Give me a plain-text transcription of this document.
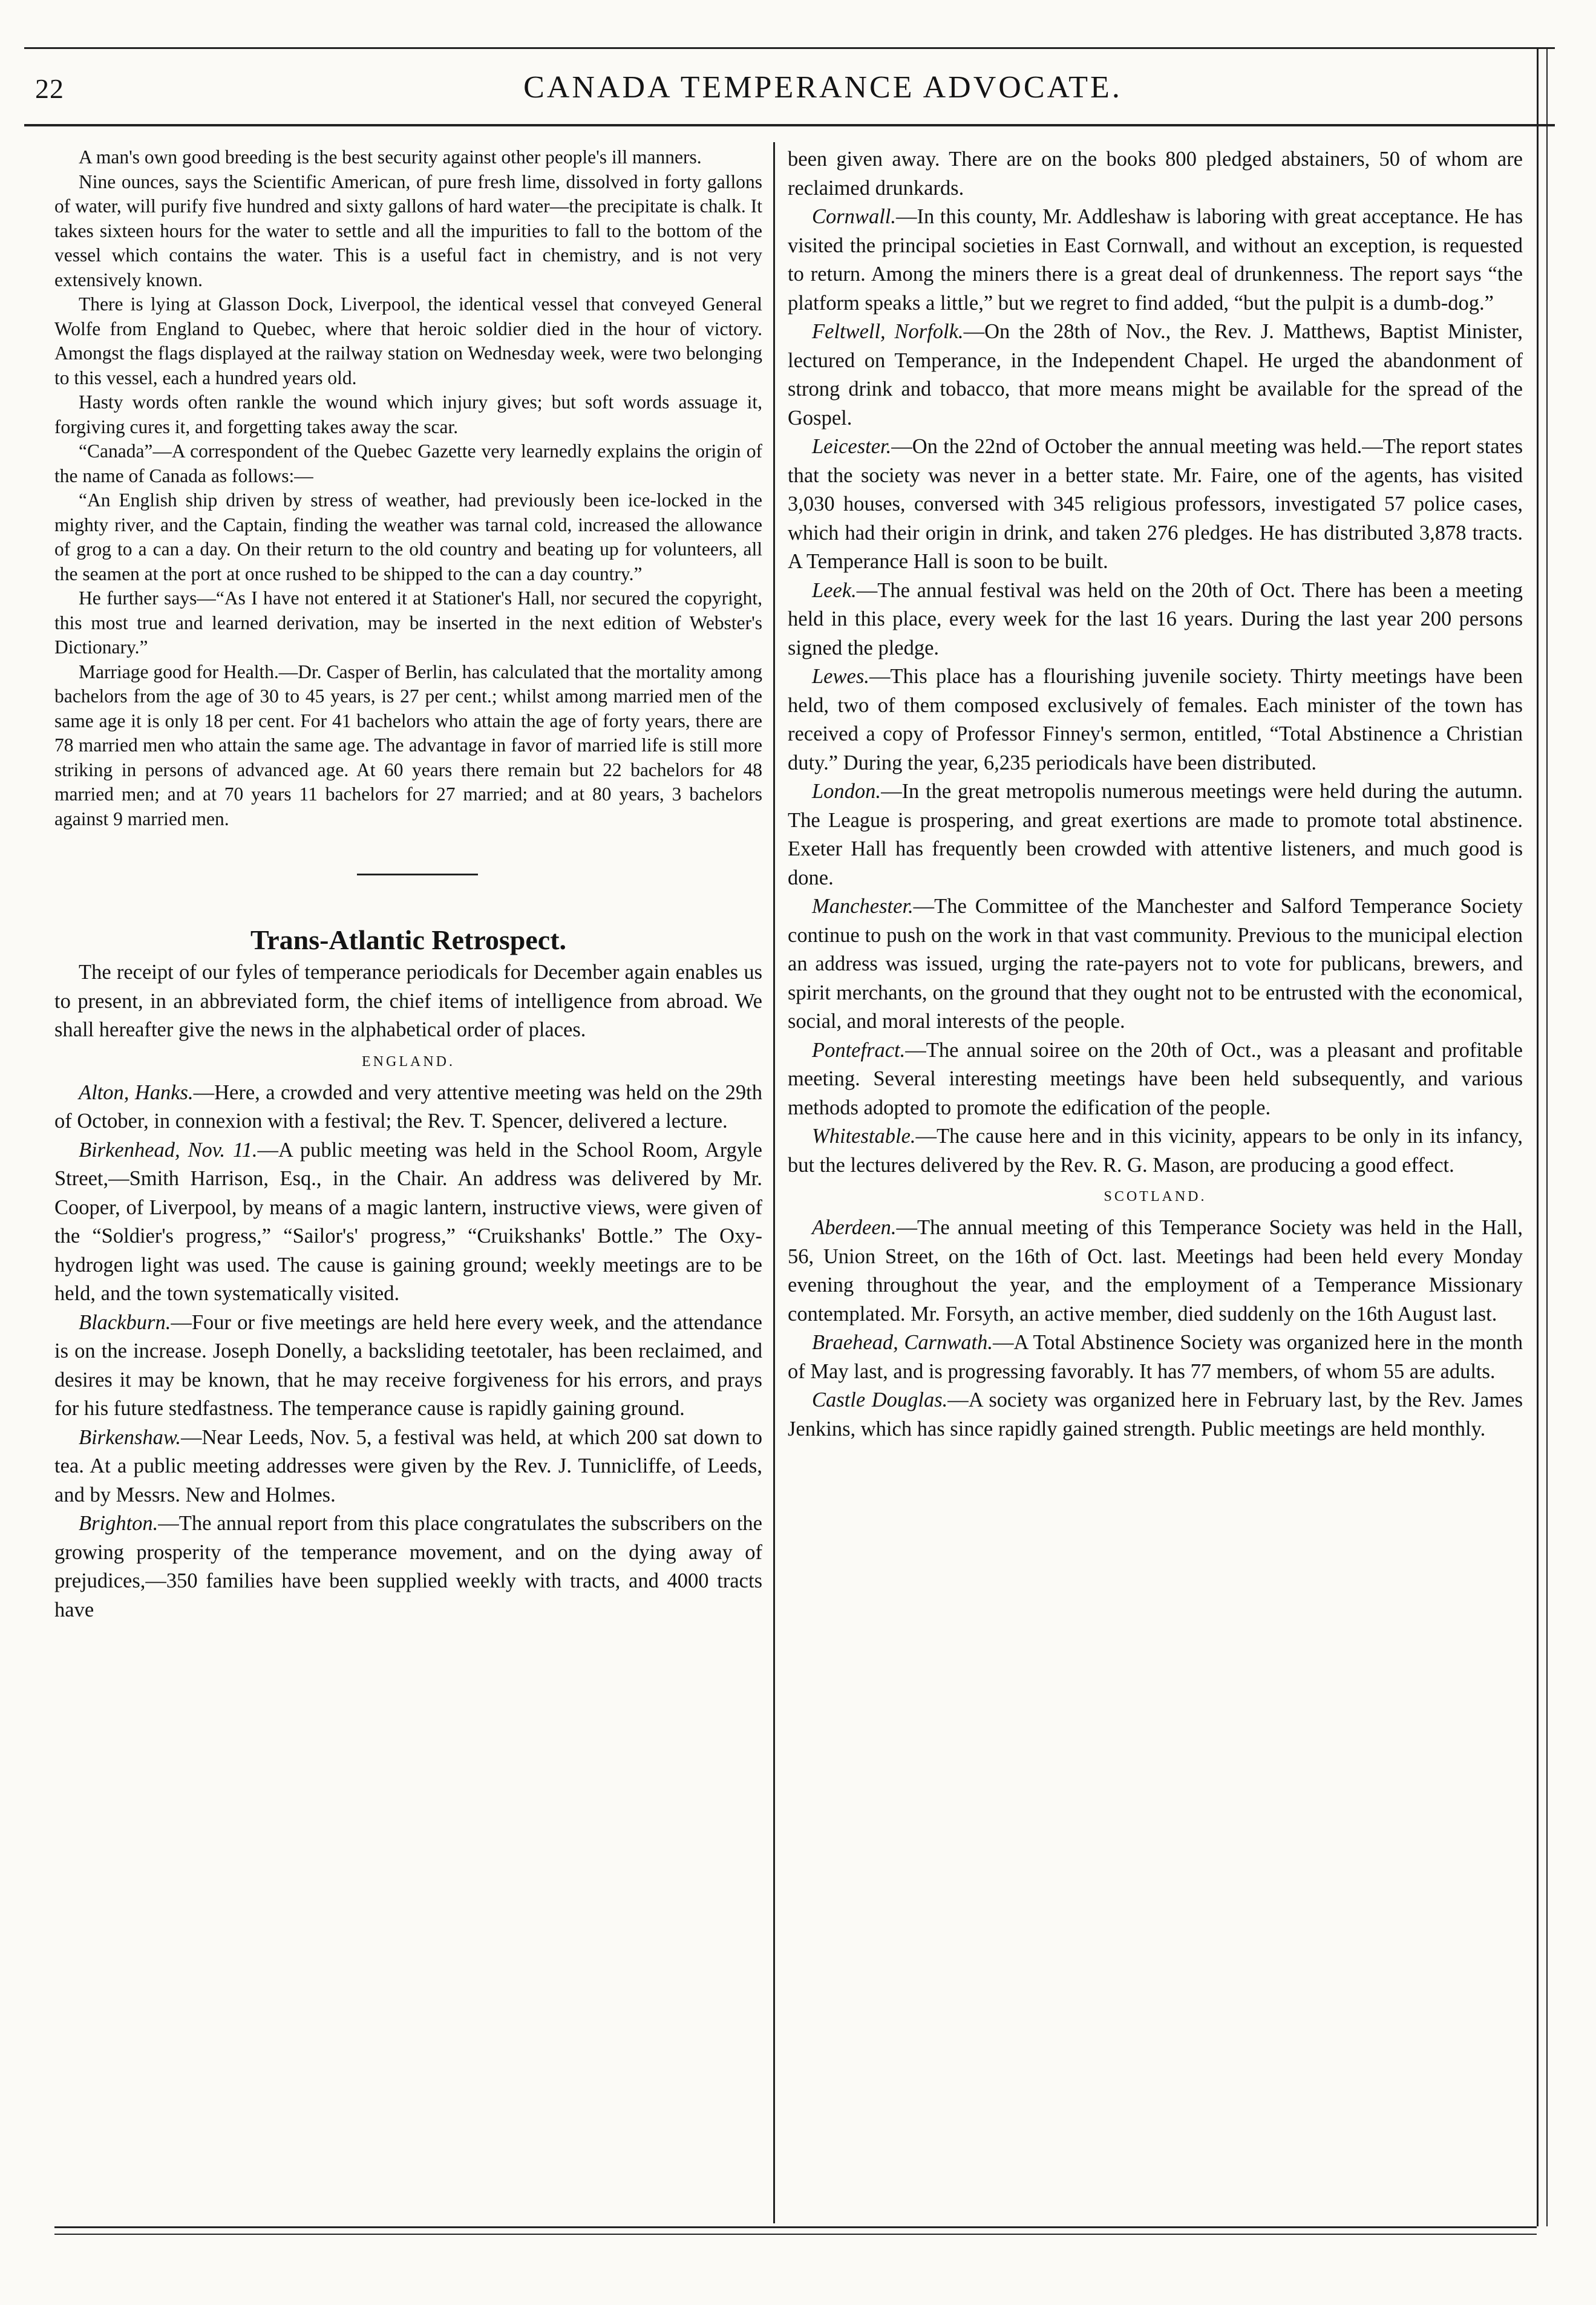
22	CANADA TEMPERANCE ADVOCATE.

A man's own good breeding is the best security against other people's ill manners.

Nine ounces, says the Scientific American, of pure fresh lime, dissolved in forty gallons of water, will purify five hundred and sixty gallons of hard water—the precipitate is chalk. It takes sixteen hours for the water to settle and all the impurities to fall to the bottom of the vessel which contains the water. This is a useful fact in chemistry, and is not very extensively known.

There is lying at Glasson Dock, Liverpool, the identical vessel that conveyed General Wolfe from England to Quebec, where that heroic soldier died in the hour of victory. Amongst the flags displayed at the railway station on Wednesday week, were two belonging to this vessel, each a hundred years old.

Hasty words often rankle the wound which injury gives; but soft words assuage it, forgiving cures it, and forgetting takes away the scar.

“Canada”—A correspondent of the Quebec Gazette very learnedly explains the origin of the name of Canada as follows:—

“An English ship driven by stress of weather, had previously been ice-locked in the mighty river, and the Captain, finding the weather was tarnal cold, increased the allowance of grog to a can a day. On their return to the old country and beating up for volunteers, all the seamen at the port at once rushed to be shipped to the can a day country.”

He further says—“As I have not entered it at Stationer's Hall, nor secured the copyright, this most true and learned derivation, may be inserted in the next edition of Webster's Dictionary.”

Marriage good for Health.—Dr. Casper of Berlin, has calculated that the mortality among bachelors from the age of 30 to 45 years, is 27 per cent.; whilst among married men of the same age it is only 18 per cent. For 41 bachelors who attain the age of forty years, there are 78 married men who attain the same age. The advantage in favor of married life is still more striking in persons of advanced age. At 60 years there remain but 22 bachelors for 48 married men; and at 70 years 11 bachelors for 27 married; and at 80 years, 3 bachelors against 9 married men.

Trans-Atlantic Retrospect.

The receipt of our fyles of temperance periodicals for December again enables us to present, in an abbreviated form, the chief items of intelligence from abroad. We shall hereafter give the news in the alphabetical order of places.

ENGLAND.

Alton, Hanks.—Here, a crowded and very attentive meeting was held on the 29th of October, in connexion with a festival; the Rev. T. Spencer, delivered a lecture.

Birkenhead, Nov. 11.—A public meeting was held in the School Room, Argyle Street,—Smith Harrison, Esq., in the Chair. An address was delivered by Mr. Cooper, of Liverpool, by means of a magic lantern, instructive views, were given of the “Soldier's progress,” “Sailor's' progress,” “Cruikshanks' Bottle.” The Oxy-hydrogen light was used. The cause is gaining ground; weekly meetings are to be held, and the town systematically visited.

Blackburn.—Four or five meetings are held here every week, and the attendance is on the increase. Joseph Donelly, a backsliding teetotaler, has been reclaimed, and desires it may be known, that he may receive forgiveness for his errors, and prays for his future stedfastness. The temperance cause is rapidly gaining ground.

Birkenshaw.—Near Leeds, Nov. 5, a festival was held, at which 200 sat down to tea. At a public meeting addresses were given by the Rev. J. Tunnicliffe, of Leeds, and by Messrs. New and Holmes.

Brighton.—The annual report from this place congratulates the subscribers on the growing prosperity of the temperance movement, and on the dying away of prejudices,—350 families have been supplied weekly with tracts, and 4000 tracts have

been given away. There are on the books 800 pledged abstainers, 50 of whom are reclaimed drunkards.

Cornwall.—In this county, Mr. Addleshaw is laboring with great acceptance. He has visited the principal societies in East Cornwall, and without an exception, is requested to return. Among the miners there is a great deal of drunkenness. The report says “the platform speaks a little,” but we regret to find added, “but the pulpit is a dumb-dog.”

Feltwell, Norfolk.—On the 28th of Nov., the Rev. J. Matthews, Baptist Minister, lectured on Temperance, in the Independent Chapel. He urged the abandonment of strong drink and tobacco, that more means might be available for the spread of the Gospel.

Leicester.—On the 22nd of October the annual meeting was held.—The report states that the society was never in a better state. Mr. Faire, one of the agents, has visited 3,030 houses, conversed with 345 religious professors, investigated 57 police cases, which had their origin in drink, and taken 276 pledges. He has distributed 3,878 tracts. A Temperance Hall is soon to be built.

Leek.—The annual festival was held on the 20th of Oct. There has been a meeting held in this place, every week for the last 16 years. During the last year 200 persons signed the pledge.

Lewes.—This place has a flourishing juvenile society. Thirty meetings have been held, two of them composed exclusively of females. Each minister of the town has received a copy of Professor Finney's sermon, entitled, “Total Abstinence a Christian duty.” During the year, 6,235 periodicals have been distributed.

London.—In the great metropolis numerous meetings were held during the autumn. The League is prospering, and great exertions are made to promote total abstinence. Exeter Hall has frequently been crowded with attentive listeners, and much good is done.

Manchester.—The Committee of the Manchester and Salford Temperance Society continue to push on the work in that vast community. Previous to the municipal election an address was issued, urging the rate-payers not to vote for publicans, brewers, and spirit merchants, on the ground that they ought not to be entrusted with the economical, social, and moral interests of the people.

Pontefract.—The annual soiree on the 20th of Oct., was a pleasant and profitable meeting. Several interesting meetings have been held subsequently, and various methods adopted to promote the edification of the people.

Whitestable.—The cause here and in this vicinity, appears to be only in its infancy, but the lectures delivered by the Rev. R. G. Mason, are producing a good effect.

SCOTLAND.

Aberdeen.—The annual meeting of this Temperance Society was held in the Hall, 56, Union Street, on the 16th of Oct. last. Meetings had been held every Monday evening throughout the year, and the employment of a Temperance Missionary contemplated. Mr. Forsyth, an active member, died suddenly on the 16th August last.

Braehead, Carnwath.—A Total Abstinence Society was organized here in the month of May last, and is progressing favorably. It has 77 members, of whom 55 are adults.

Castle Douglas.—A society was organized here in February last, by the Rev. James Jenkins, which has since rapidly gained strength. Public meetings are held monthly.
